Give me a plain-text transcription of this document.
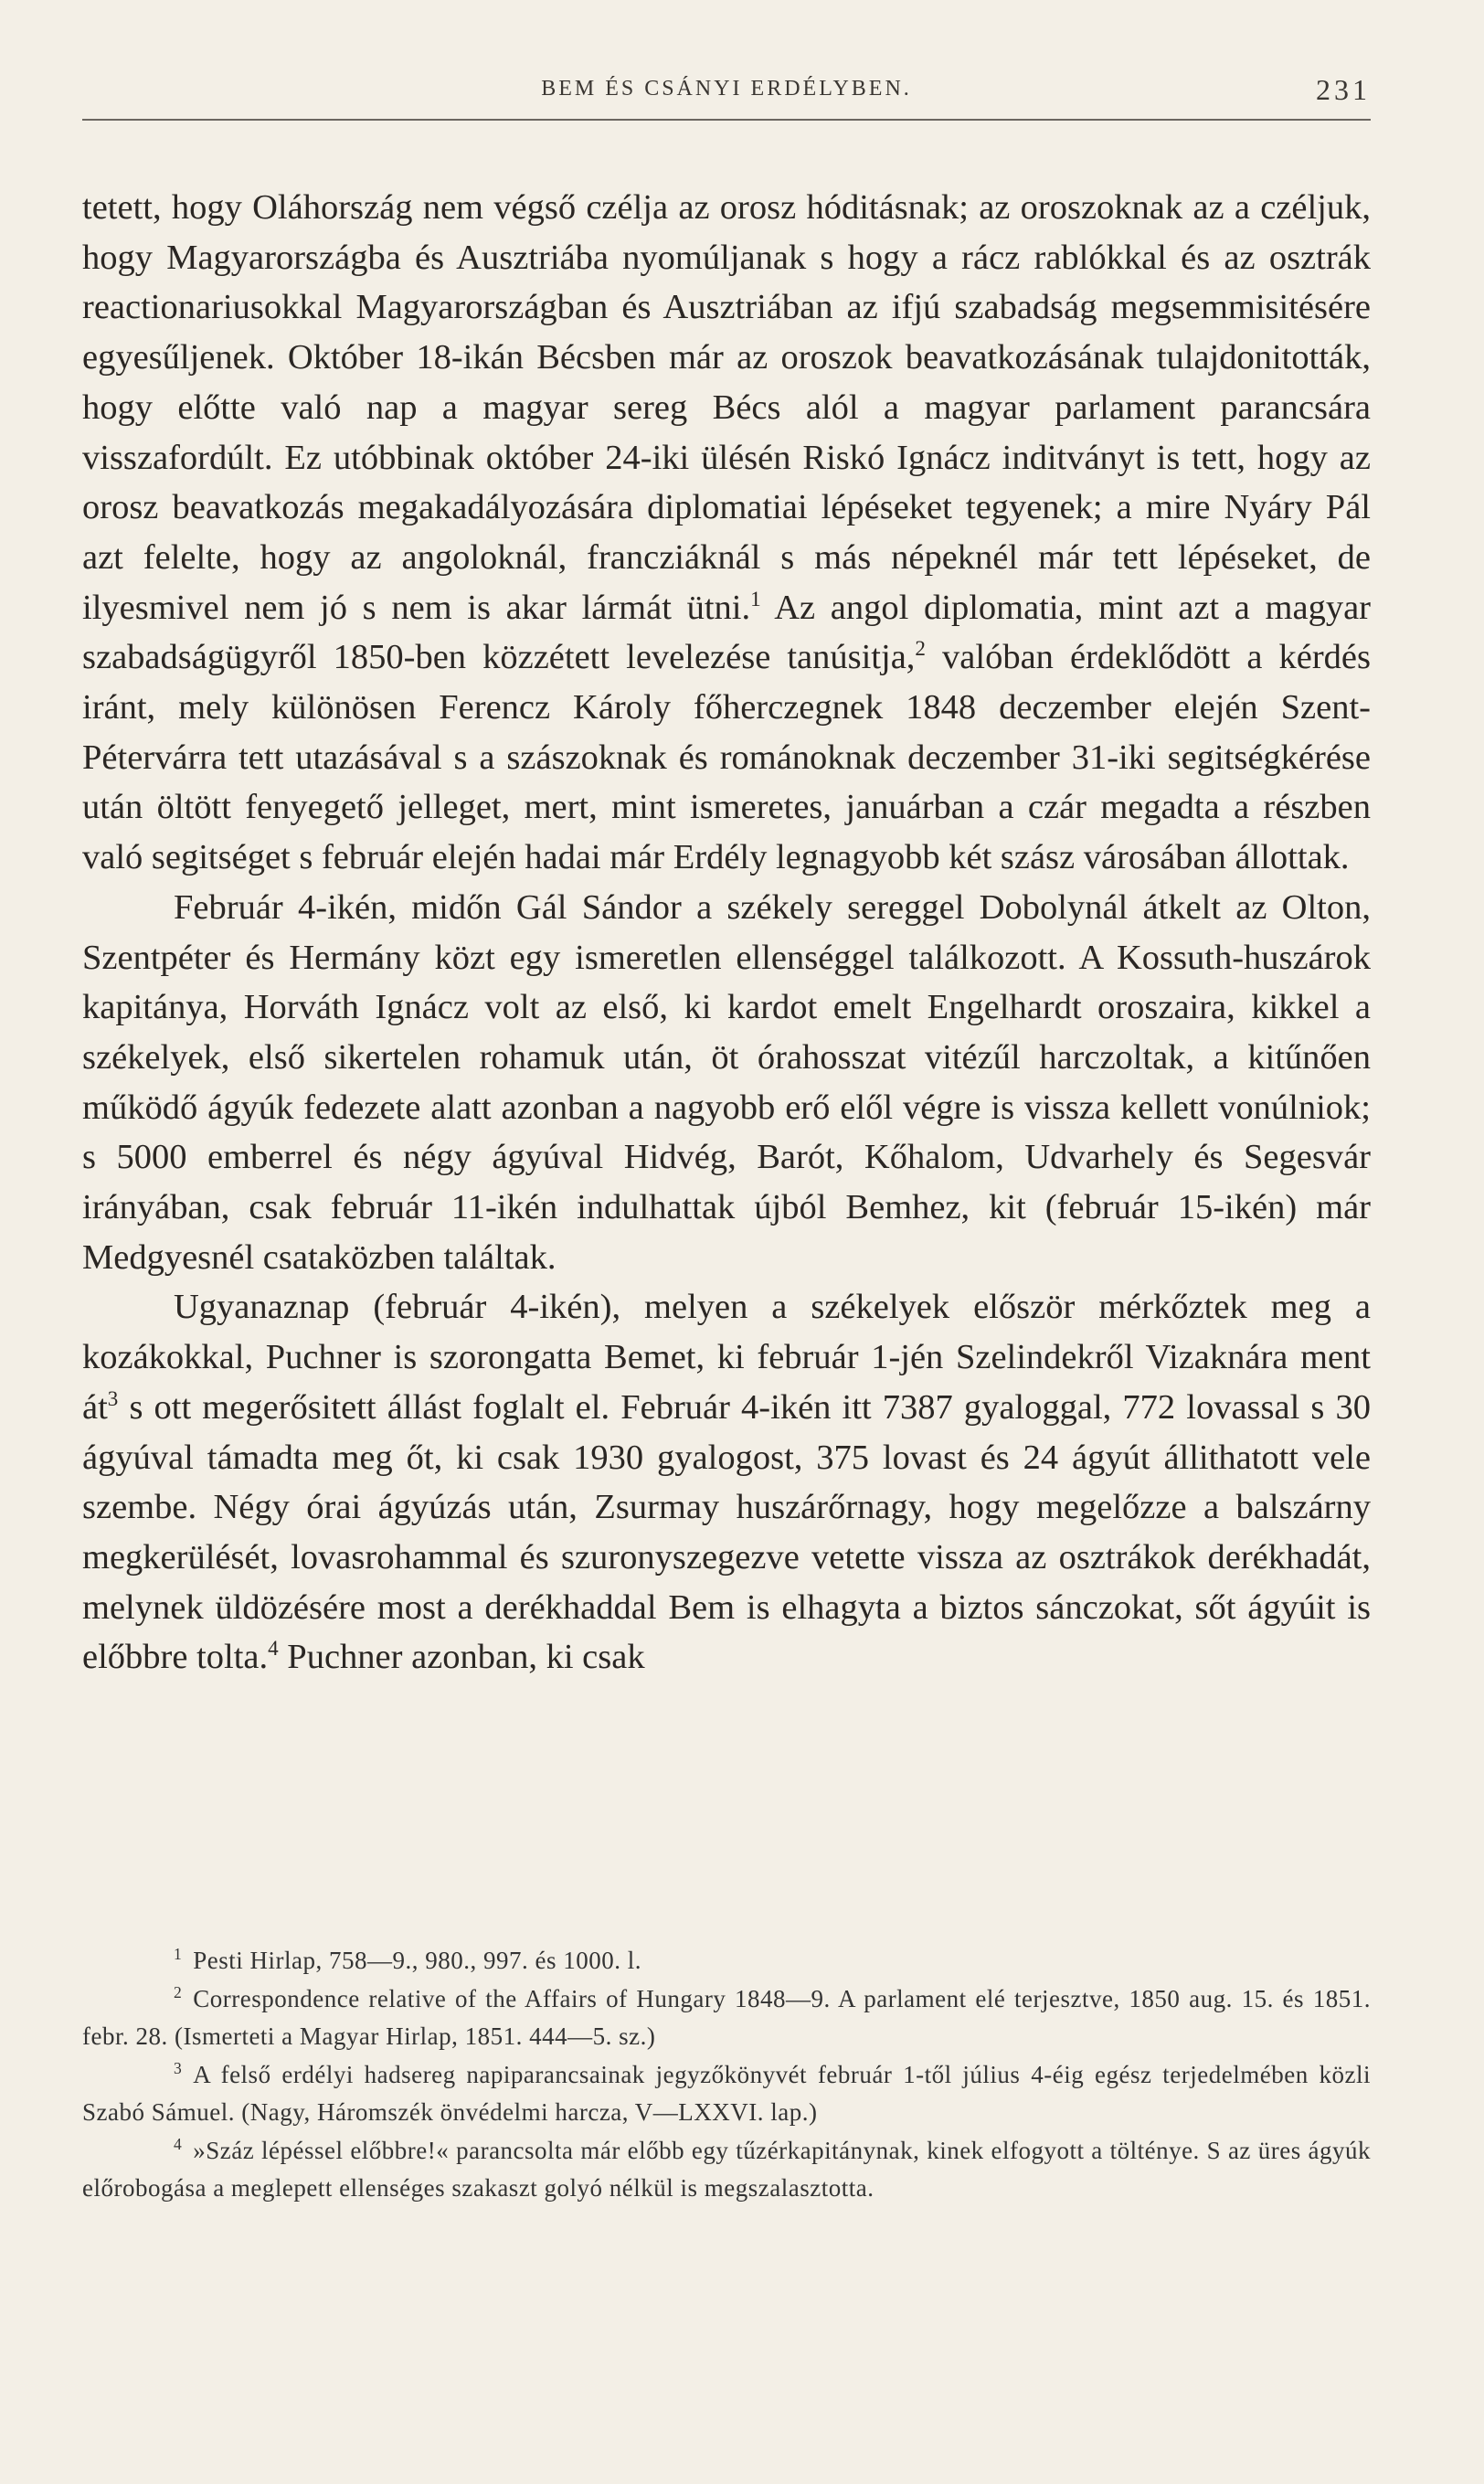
BEM ÉS CSÁNYI ERDÉLYBEN.	231

tetett, hogy Oláhország nem végső czélja az orosz hóditásnak; az oroszoknak az a czéljuk, hogy Magyarországba és Ausztriába nyomúljanak s hogy a rácz rablókkal és az osztrák reactionariusokkal Magyarországban és Ausztriában az ifjú szabadság megsemmisitésére egyesűljenek. Október 18-ikán Bécsben már az oroszok beavatkozásának tulajdonitották, hogy előtte való nap a magyar sereg Bécs alól a magyar parlament parancsára visszafordúlt. Ez utóbbinak október 24-iki ülésén Riskó Ignácz inditványt is tett, hogy az orosz beavatkozás megakadályozására diplomatiai lépéseket tegyenek; a mire Nyáry Pál azt felelte, hogy az angoloknál, francziáknál s más népeknél már tett lépéseket, de ilyesmivel nem jó s nem is akar lármát ütni.$^1$ Az angol diplomatia, mint azt a magyar szabadságügyről 1850-ben közzétett levelezése tanúsitja,$^2$ valóban érdeklődött a kérdés iránt, mely különösen Ferencz Károly főherczegnek 1848 deczember elején Szent-Pétervárra tett utazásával s a szászoknak és románoknak deczember 31-iki segitségkérése után öltött fenyegető jelleget, mert, mint ismeretes, januárban a czár megadta a részben való segitséget s február elején hadai már Erdély legnagyobb két szász városában állottak.

Február 4-ikén, midőn Gál Sándor a székely sereggel Dobolynál átkelt az Olton, Szentpéter és Hermány közt egy ismeretlen ellenséggel találkozott. A Kossuth-huszárok kapitánya, Horváth Ignácz volt az első, ki kardot emelt Engelhardt oroszaira, kikkel a székelyek, első sikertelen rohamuk után, öt órahosszat vitézűl harczoltak, a kitűnően működő ágyúk fedezete alatt azonban a nagyobb erő elől végre is vissza kellett vonúlniok; s 5000 emberrel és négy ágyúval Hidvég, Barót, Kőhalom, Udvarhely és Segesvár irányában, csak február 11-ikén indulhattak újból Bemhez, kit (február 15-ikén) már Medgyesnél csataközben találtak.

Ugyanaznap (február 4-ikén), melyen a székelyek először mérkőztek meg a kozákokkal, Puchner is szorongatta Bemet, ki február 1-jén Szelindekről Vizaknára ment $át^3$ s ott megerősitett állást foglalt el. Február 4-ikén itt 7387 gyaloggal, 772 lovassal s 30 ágyúval támadta meg őt, ki csak 1930 gyalogost, 375 lovast és 24 ágyút állithatott vele szembe. Négy órai ágyúzás után, Zsurmay huszárőrnagy, hogy megelőzze a balszárny megkerülését, lovasrohammal és szuronyszegezve vetette vissza az osztrákok derékhadát, melynek üldözésére most a derékhaddal Bem is elhagyta a biztos sánczokat, sőt ágyúit is előbbre tolta.$^4$ Puchner azonban, ki csak

$^1$ Pesti Hirlap, 758—9., 980., 997. és 1000. l.

$^2$ Correspondence relative of the Affairs of Hungary 1848—9. A parlament elé terjesztve, 1850 aug. 15. és 1851. febr. 28. (Ismerteti a Magyar Hirlap, 1851. 444—5. sz.)

$^3$ A felső erdélyi hadsereg napiparancsainak jegyzőkönyvét február 1-től július 4-éig egész terjedelmében közli Szabó Sámuel. (Nagy, Háromszék önvédelmi harcza, V—LXXVI. lap.)

$^4$ »Száz lépéssel előbbre!« parancsolta már előbb egy tűzérkapitánynak, kinek elfogyott a tölténye. S az üres ágyúk előrobogása a meglepett ellenséges szakaszt golyó nélkül is megszalasztotta.
